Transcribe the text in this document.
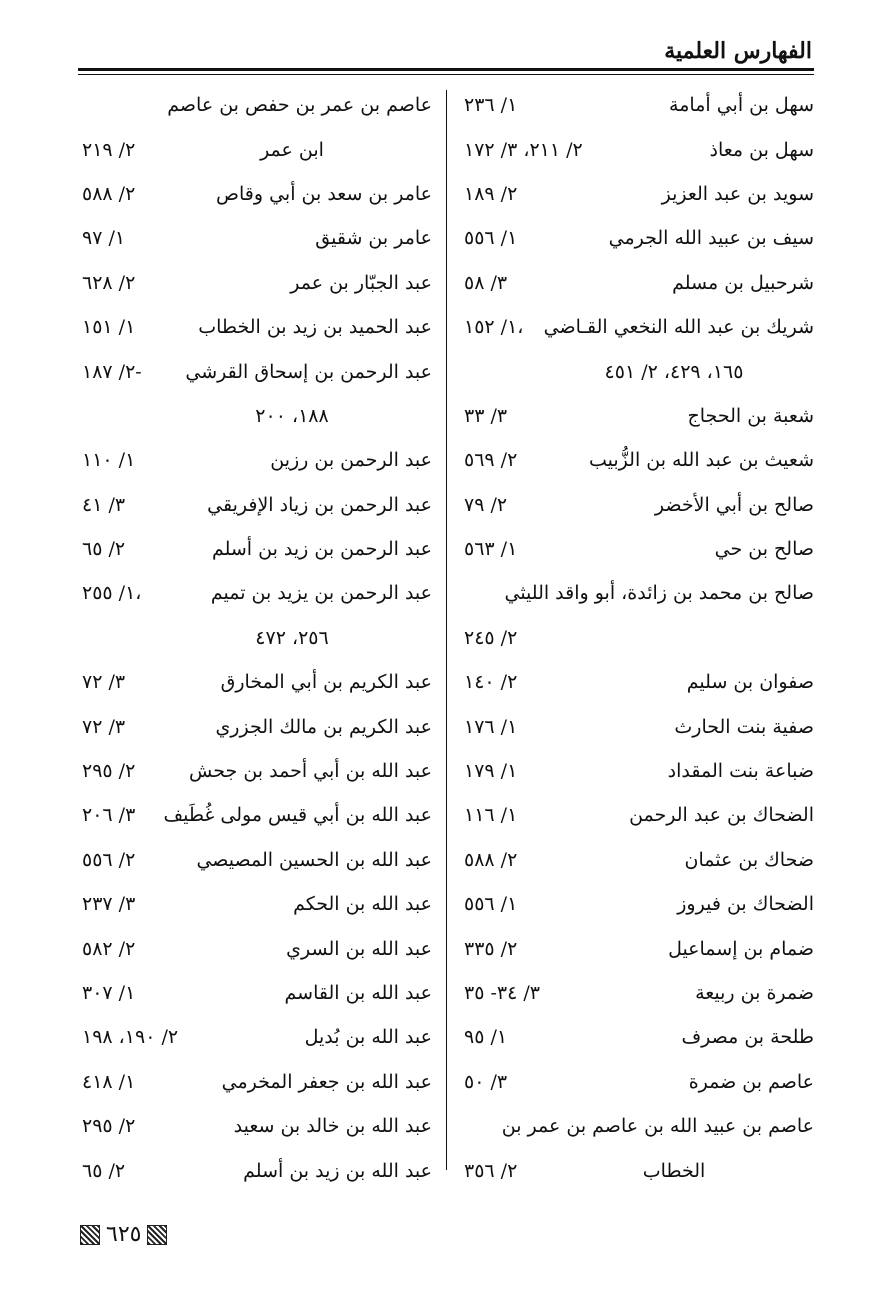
الفهارس العلمية
سهل بن أبي أمامة
١/ ٢٣٦
سهل بن معاذ
٢/ ٢١١، ٣/ ١٧٢
سويد بن عبد العزيز
٢/ ١٨٩
سيف بن عبيد الله الجرمي
١/ ٥٥٦
شرحبيل بن مسلم
٣/ ٥٨
شريك بن عبد الله النخعي القـاضي
١/ ١٥٢،
١٦٥، ٤٢٩، ٢/ ٤٥١
شعبة بن الحجاج
٣/ ٣٣
شعيث بن عبد الله بن الزُّبيب
٢/ ٥٦٩
صالح بن أبي الأخضر
٢/ ٧٩
صالح بن حي
١/ ٥٦٣
صالح بن محمد بن زائدة، أبو واقد الليثي
٢/ ٢٤٥
صفوان بن سليم
٢/ ١٤٠
صفية بنت الحارث
١/ ١٧٦
ضباعة بنت المقداد
١/ ١٧٩
الضحاك بن عبد الرحمن
١/ ١١٦
ضحاك بن عثمان
٢/ ٥٨٨
الضحاك بن فيروز
١/ ٥٥٦
ضمام بن إسماعيل
٢/ ٣٣٥
ضمرة بن ربيعة
٣/ ٣٤- ٣٥
طلحة بن مصرف
١/ ٩٥
عاصم بن ضمرة
٣/ ٥٠
عاصم بن عبيد الله بن عاصم بن عمر بن
الخطاب
٢/ ٣٥٦
عاصم بن عمر بن حفص بن عاصم
ابن عمر
٢/ ٢١٩
عامر بن سعد بن أبي وقاص
٢/ ٥٨٨
عامر بن شقيق
١/ ٩٧
عبد الجبّار بن عمر
٢/ ٦٢٨
عبد الحميد بن زيد بن الخطاب
١/ ١٥١
عبد الرحمن بن إسحاق القرشي
٢/ ١٨٧-
١٨٨، ٢٠٠
عبد الرحمن بن رزين
١/ ١١٠
عبد الرحمن بن زياد الإفريقي
٣/ ٤١
عبد الرحمن بن زيد بن أسلم
٢/ ٦٥
عبد الرحمن بن يزيد بن تميم
١/ ٢٥٥،
٢٥٦، ٤٧٢
عبد الكريم بن أبي المخارق
٣/ ٧٢
عبد الكريم بن مالك الجزري
٣/ ٧٢
عبد الله بن أبي أحمد بن جحش
٢/ ٢٩٥
عبد الله بن أبي قيس مولى غُطَيف
٣/ ٢٠٦
عبد الله بن الحسين المصيصي
٢/ ٥٥٦
عبد الله بن الحكم
٣/ ٢٣٧
عبد الله بن السري
٢/ ٥٨٢
عبد الله بن القاسم
١/ ٣٠٧
عبد الله بن بُديل
٢/ ١٩٠، ١٩٨
عبد الله بن جعفر المخرمي
١/ ٤١٨
عبد الله بن خالد بن سعيد
٢/ ٢٩٥
عبد الله بن زيد بن أسلم
٢/ ٦٥
٦٢٥
